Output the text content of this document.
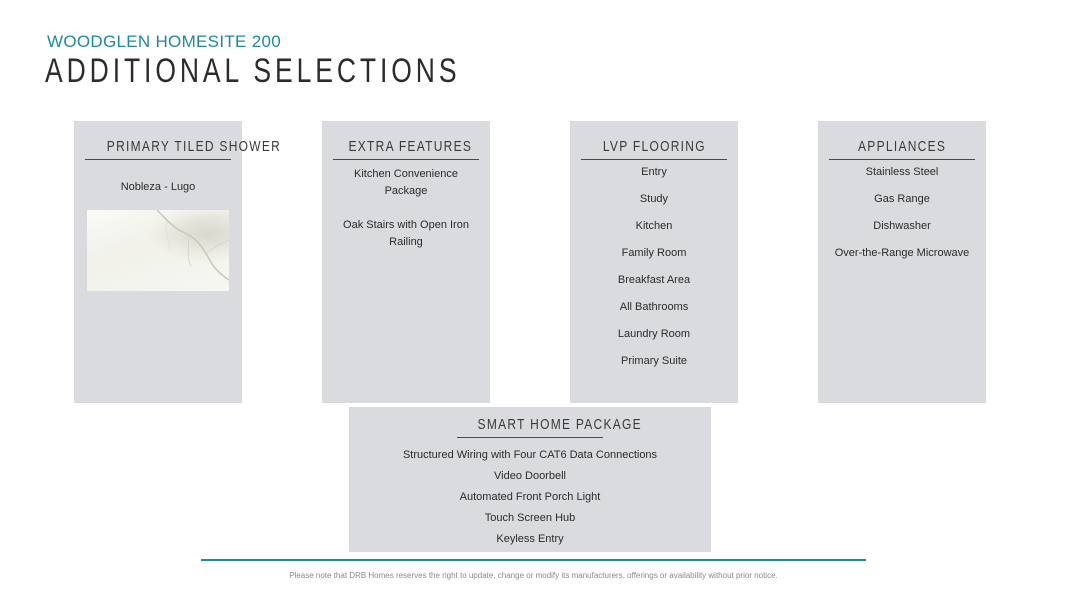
WOODGLEN HOMESITE 200
ADDITIONAL SELECTIONS
PRIMARY TILED SHOWER
Nobleza - Lugo
EXTRA FEATURES
Kitchen Convenience Package
Oak Stairs with Open Iron Railing
LVP FLOORING
Entry
Study
Kitchen
Family Room
Breakfast Area
All Bathrooms
Laundry Room
Primary Suite
APPLIANCES
Stainless Steel
Gas Range
Dishwasher
Over-the-Range Microwave
SMART HOME PACKAGE
Structured Wiring with Four CAT6 Data Connections
Video Doorbell
Automated Front Porch Light
Touch Screen Hub
Keyless Entry
Please note that DRB Homes reserves the right to update, change or modify its manufacturers, offerings or availability without prior notice.
